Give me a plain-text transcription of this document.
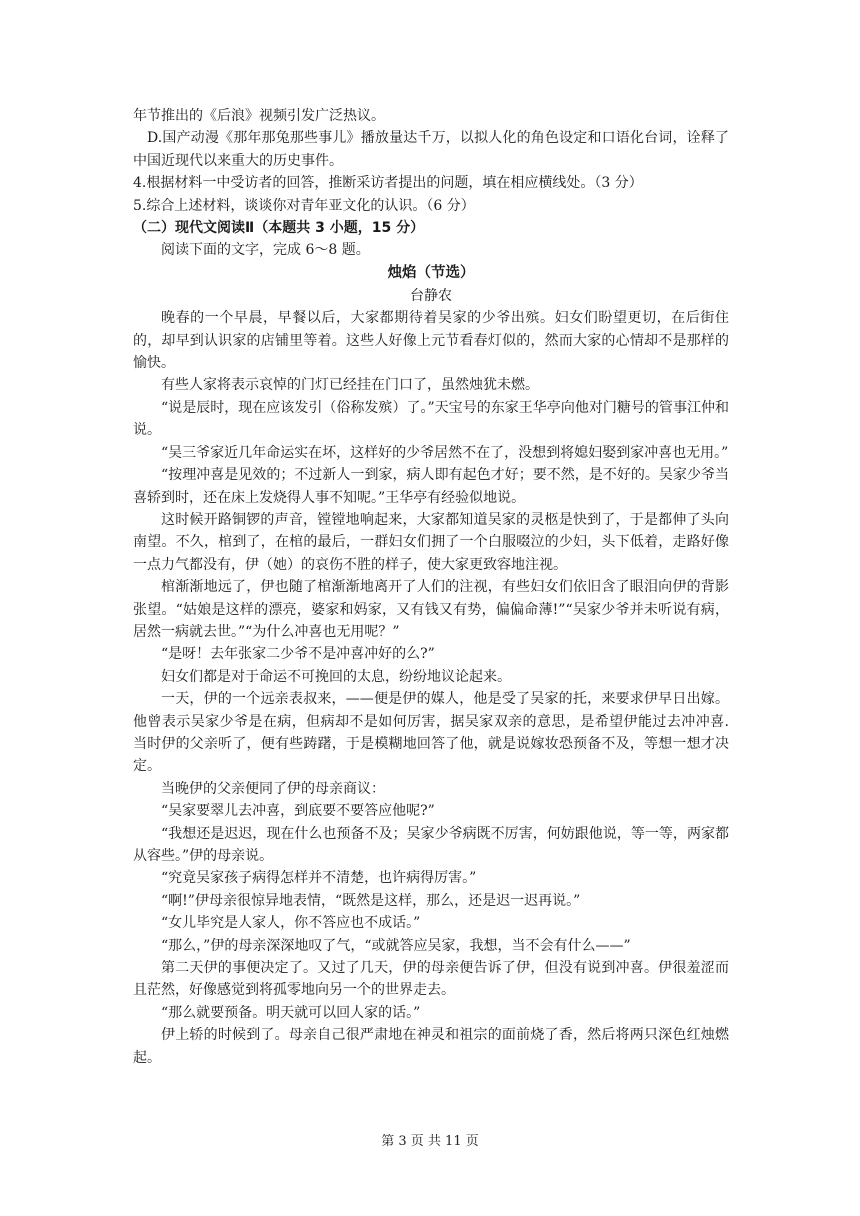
年节推出的《后浪》视频引发广泛热议。

D.国产动漫《那年那兔那些事儿》播放量达千万，以拟人化的角色设定和口语化台词，诠释了中国近现代以来重大的历史事件。

4.根据材料一中受访者的回答，推断采访者提出的问题，填在相应横线处。（3 分）

5.综合上述材料，谈谈你对青年亚文化的认识。（6 分）

（二）现代文阅读Ⅱ（本题共 3 小题，15 分）

阅读下面的文字，完成 6～8 题。

烛焰（节选）

台静农

晚春的一个早晨，早餐以后，大家都期待着吴家的少爷出殡。妇女们盼望更切，在后街住的，却早到认识家的店铺里等着。这些人好像上元节看春灯似的，然而大家的心情却不是那样的愉快。

有些人家将表示哀悼的门灯已经挂在门口了，虽然烛犹未燃。

“说是辰时，现在应该发引（俗称发殡）了。”天宝号的东家王华亭向他对门糖号的管事江仲和说。

“吴三爷家近几年命运实在坏，这样好的少爷居然不在了，没想到将媳妇娶到家冲喜也无用。”

“按理冲喜是见效的；不过新人一到家，病人即有起色才好；要不然，是不好的。吴家少爷当喜轿到时，还在床上发烧得人事不知呢。”王华亭有经验似地说。

这时候开路铜锣的声音，镗镗地响起来，大家都知道吴家的灵柩是快到了，于是都伸了头向南望。不久，棺到了，在棺的最后，一群妇女们拥了一个白服啜泣的少妇，头下低着，走路好像一点力气都没有，伊（她）的哀伤不胜的样子，使大家更致容地注视。

棺渐渐地远了，伊也随了棺渐渐地离开了人们的注视，有些妇女们依旧含了眼泪向伊的背影张望。“姑娘是这样的漂亮，婆家和妈家，又有钱又有势，偏偏命薄!”“吴家少爷并未听说有病，居然一病就去世。”“为什么冲喜也无用呢？”

“是呀！去年张家二少爷不是冲喜冲好的么?”

妇女们都是对于命运不可挽回的太息，纷纷地议论起来。

一天，伊的一个远亲表叔来，——便是伊的媒人，他是受了吴家的托，来要求伊早日出嫁。他曾表示吴家少爷是在病，但病却不是如何厉害，据吴家双亲的意思，是希望伊能过去冲冲喜. 当时伊的父亲听了，便有些踌躇，于是模糊地回答了他，就是说嫁妆恐预备不及，等想一想才决定。

当晚伊的父亲便同了伊的母亲商议：

“吴家要翠儿去冲喜，到底要不要答应他呢?”

“我想还是迟迟，现在什么也预备不及；吴家少爷病既不厉害，何妨跟他说，等一等，两家都从容些。”伊的母亲说。

“究竟吴家孩子病得怎样并不清楚，也许病得厉害。”

“啊!”伊母亲很惊异地表情，“既然是这样，那么，还是迟一迟再说。”

“女儿毕究是人家人，你不答应也不成话。”

“那么，”伊的母亲深深地叹了气，“或就答应吴家，我想，当不会有什么——”

第二天伊的事便决定了。又过了几天，伊的母亲便告诉了伊，但没有说到冲喜。伊很羞涩而且茫然，好像感觉到将孤零地向另一个的世界走去。

“那么就要预备。明天就可以回人家的话。”

伊上轿的时候到了。母亲自己很严肃地在神灵和祖宗的面前烧了香，然后将两只深色红烛燃起。

第 3 页 共 11 页
